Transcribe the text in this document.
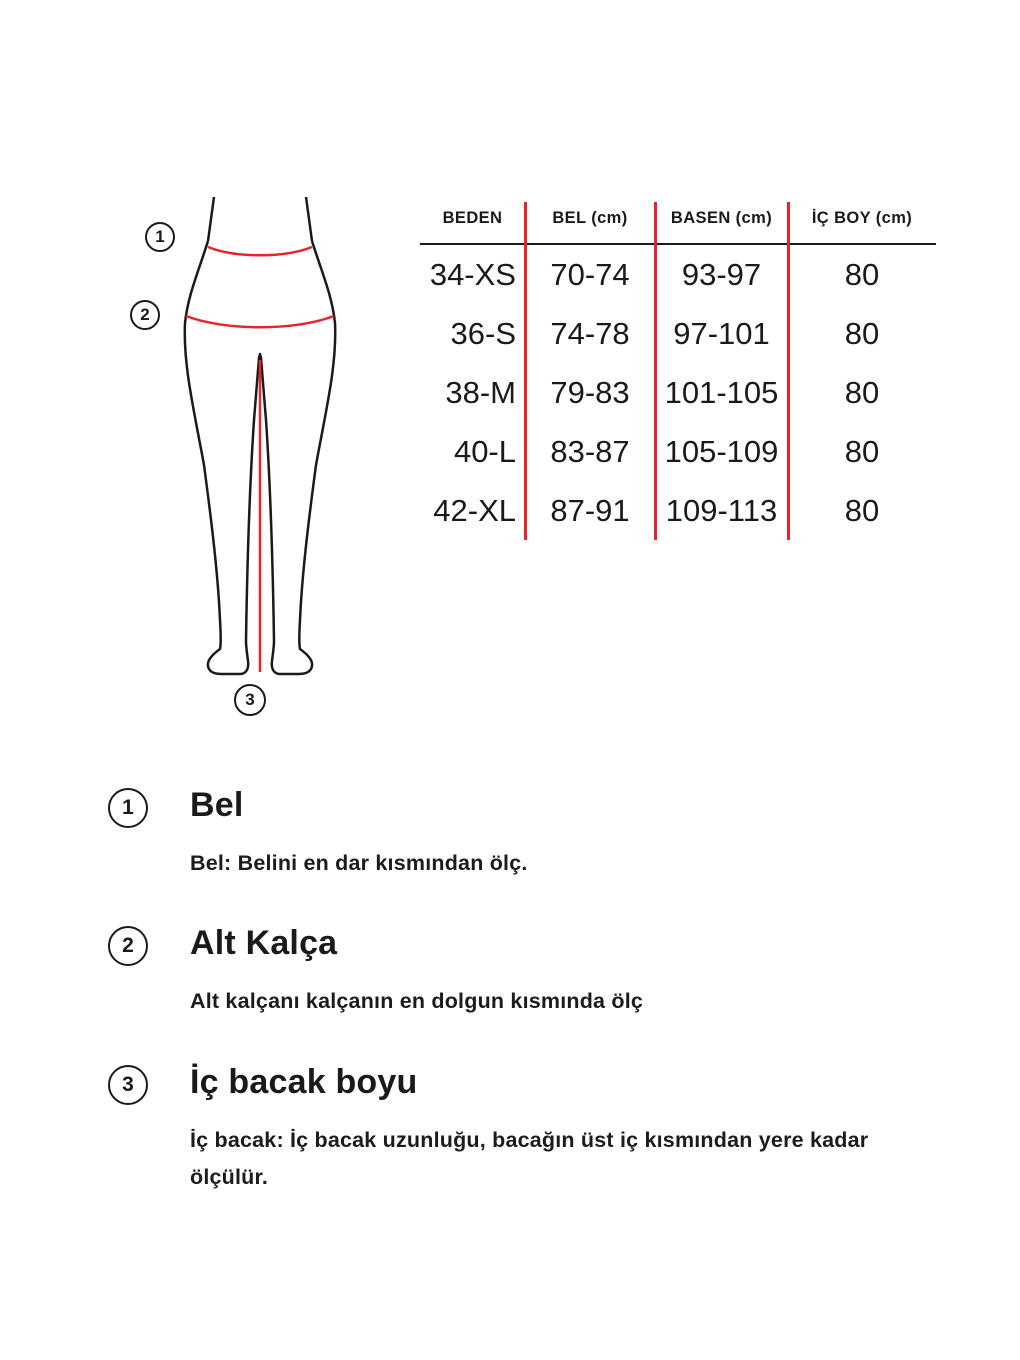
1
2
3
BEDEN	BEL (cm)	BASEN (cm)	İÇ BOY (cm)
34-XS	70-74	93-97	80
36-S	74-78	97-101	80
38-M	79-83	101-105	80
40-L	83-87	105-109	80
42-XL	87-91	109-113	80
1 Bel
Bel: Belini en dar kısmından ölç.
2 Alt Kalça
Alt kalçanı kalçanın en dolgun kısmında ölç
3 İç bacak boyu
İç bacak: İç bacak uzunluğu, bacağın üst iç kısmından yere kadar ölçülür.
